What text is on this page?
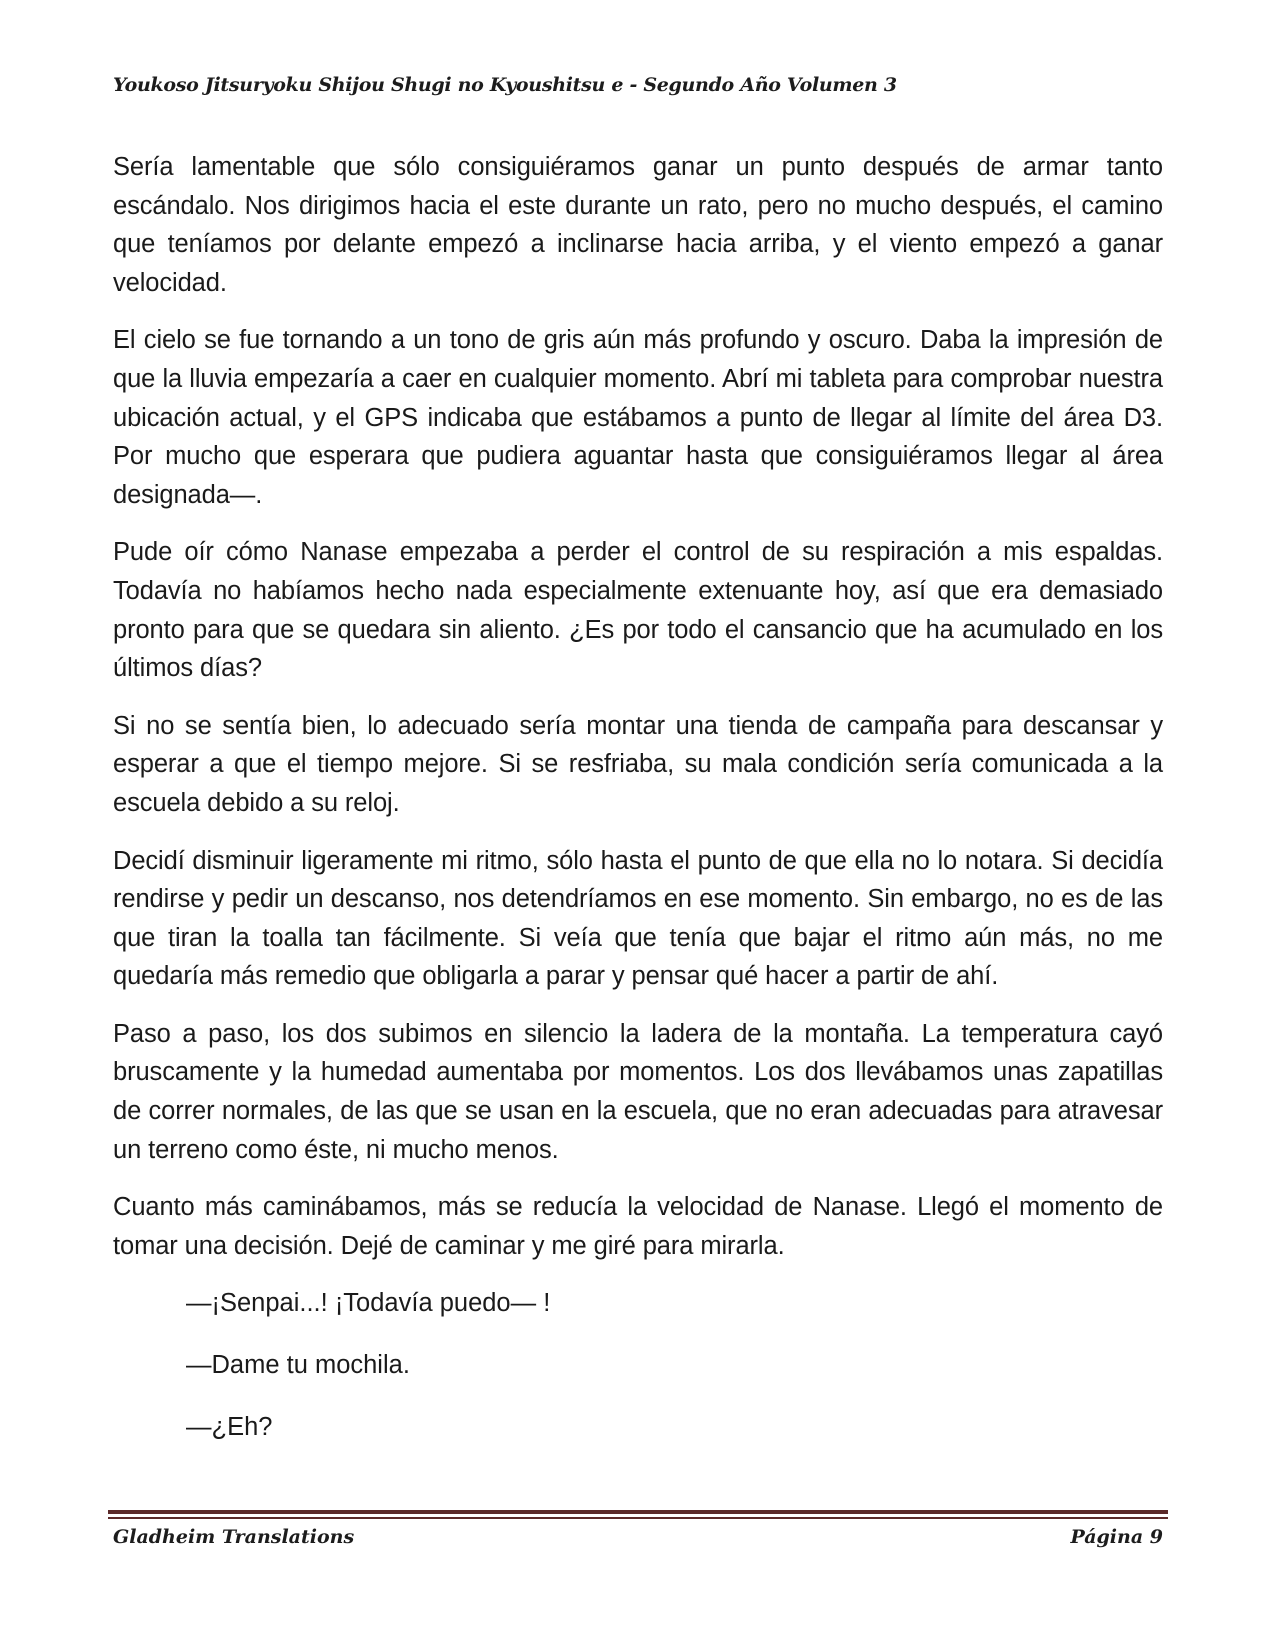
Youkoso Jitsuryoku Shijou Shugi no Kyoushitsu e - Segundo Año Volumen 3

Sería lamentable que sólo consiguiéramos ganar un punto después de armar tanto escándalo. Nos dirigimos hacia el este durante un rato, pero no mucho después, el camino que teníamos por delante empezó a inclinarse hacia arriba, y el viento empezó a ganar velocidad.

El cielo se fue tornando a un tono de gris aún más profundo y oscuro. Daba la impresión de que la lluvia empezaría a caer en cualquier momento. Abrí mi tableta para comprobar nuestra ubicación actual, y el GPS indicaba que estábamos a punto de llegar al límite del área D3. Por mucho que esperara que pudiera aguantar hasta que consiguiéramos llegar al área designada—.

Pude oír cómo Nanase empezaba a perder el control de su respiración a mis espaldas. Todavía no habíamos hecho nada especialmente extenuante hoy, así que era demasiado pronto para que se quedara sin aliento. ¿Es por todo el cansancio que ha acumulado en los últimos días?

Si no se sentía bien, lo adecuado sería montar una tienda de campaña para descansar y esperar a que el tiempo mejore. Si se resfriaba, su mala condición sería comunicada a la escuela debido a su reloj.

Decidí disminuir ligeramente mi ritmo, sólo hasta el punto de que ella no lo notara. Si decidía rendirse y pedir un descanso, nos detendríamos en ese momento. Sin embargo, no es de las que tiran la toalla tan fácilmente. Si veía que tenía que bajar el ritmo aún más, no me quedaría más remedio que obligarla a parar y pensar qué hacer a partir de ahí.

Paso a paso, los dos subimos en silencio la ladera de la montaña. La temperatura cayó bruscamente y la humedad aumentaba por momentos. Los dos llevábamos unas zapatillas de correr normales, de las que se usan en la escuela, que no eran adecuadas para atravesar un terreno como éste, ni mucho menos.

Cuanto más caminábamos, más se reducía la velocidad de Nanase. Llegó el momento de tomar una decisión. Dejé de caminar y me giré para mirarla.

—¡Senpai...! ¡Todavía puedo— !

—Dame tu mochila.

—¿Eh?

Gladheim Translations	Página 9
